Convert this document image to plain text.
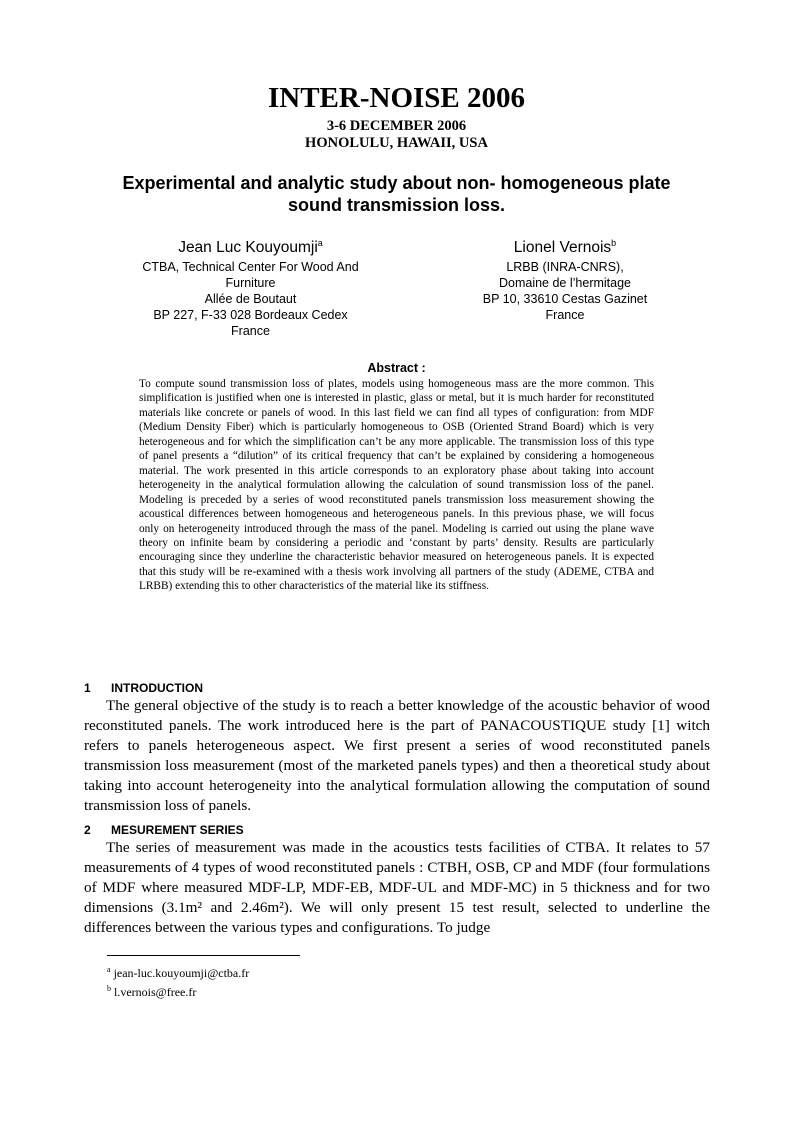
INTER-NOISE 2006
3-6 DECEMBER 2006
HONOLULU, HAWAII, USA
Experimental and analytic study about non- homogeneous plate sound transmission loss.
Jean Luc Kouyoumji$^a$
CTBA, Technical Center For Wood And
Furniture
Allée de Boutaut
BP 227, F-33 028 Bordeaux Cedex
France
Lionel Vernois$^b$
LRBB (INRA-CNRS),
Domaine de l’hermitage
BP 10, 33610 Cestas Gazinet
France
Abstract :

To compute sound transmission loss of plates, models using homogeneous mass are the more common. This simplification is justified when one is interested in plastic, glass or metal, but it is much harder for reconstituted materials like concrete or panels of wood. In this last field we can find all types of configuration: from MDF (Medium Density Fiber) which is particularly homogeneous to OSB (Oriented Strand Board) which is very heterogeneous and for which the simplification can’t be any more applicable. The transmission loss of this type of panel presents a “dilution” of its critical frequency that can’t be explained by considering a homogeneous material. The work presented in this article corresponds to an exploratory phase about taking into account heterogeneity in the analytical formulation allowing the calculation of sound transmission loss of the panel. Modeling is preceded by a series of wood reconstituted panels transmission loss measurement showing the acoustical differences between homogeneous and heterogeneous panels. In this previous phase, we will focus only on heterogeneity introduced through the mass of the panel. Modeling is carried out using the plane wave theory on infinite beam by considering a periodic and ‘constant by parts’ density. Results are particularly encouraging since they underline the characteristic behavior measured on heterogeneous panels. It is expected that this study will be re-examined with a thesis work involving all partners of the study (ADEME, CTBA and LRBB) extending this to other characteristics of the material like its stiffness.

1 INTRODUCTION

The general objective of the study is to reach a better knowledge of the acoustic behavior of wood reconstituted panels. The work introduced here is the part of PANACOUSTIQUE study [1] witch refers to panels heterogeneous aspect. We first present a series of wood reconstituted panels transmission loss measurement (most of the marketed panels types) and then a theoretical study about taking into account heterogeneity into the analytical formulation allowing the computation of sound transmission loss of panels.

2 MESUREMENT SERIES

The series of measurement was made in the acoustics tests facilities of CTBA. It relates to 57 measurements of 4 types of wood reconstituted panels : CTBH, OSB, CP and MDF (four formulations of MDF where measured MDF-LP, MDF-EB, MDF-UL and MDF-MC) in 5 thickness and for two dimensions (3.1m² and 2.46m²). We will only present 15 test result, selected to underline the differences between the various types and configurations. To judge

$^a$ jean-luc.kouyoumji@ctba.fr
$^b$ l.vernois@free.fr
